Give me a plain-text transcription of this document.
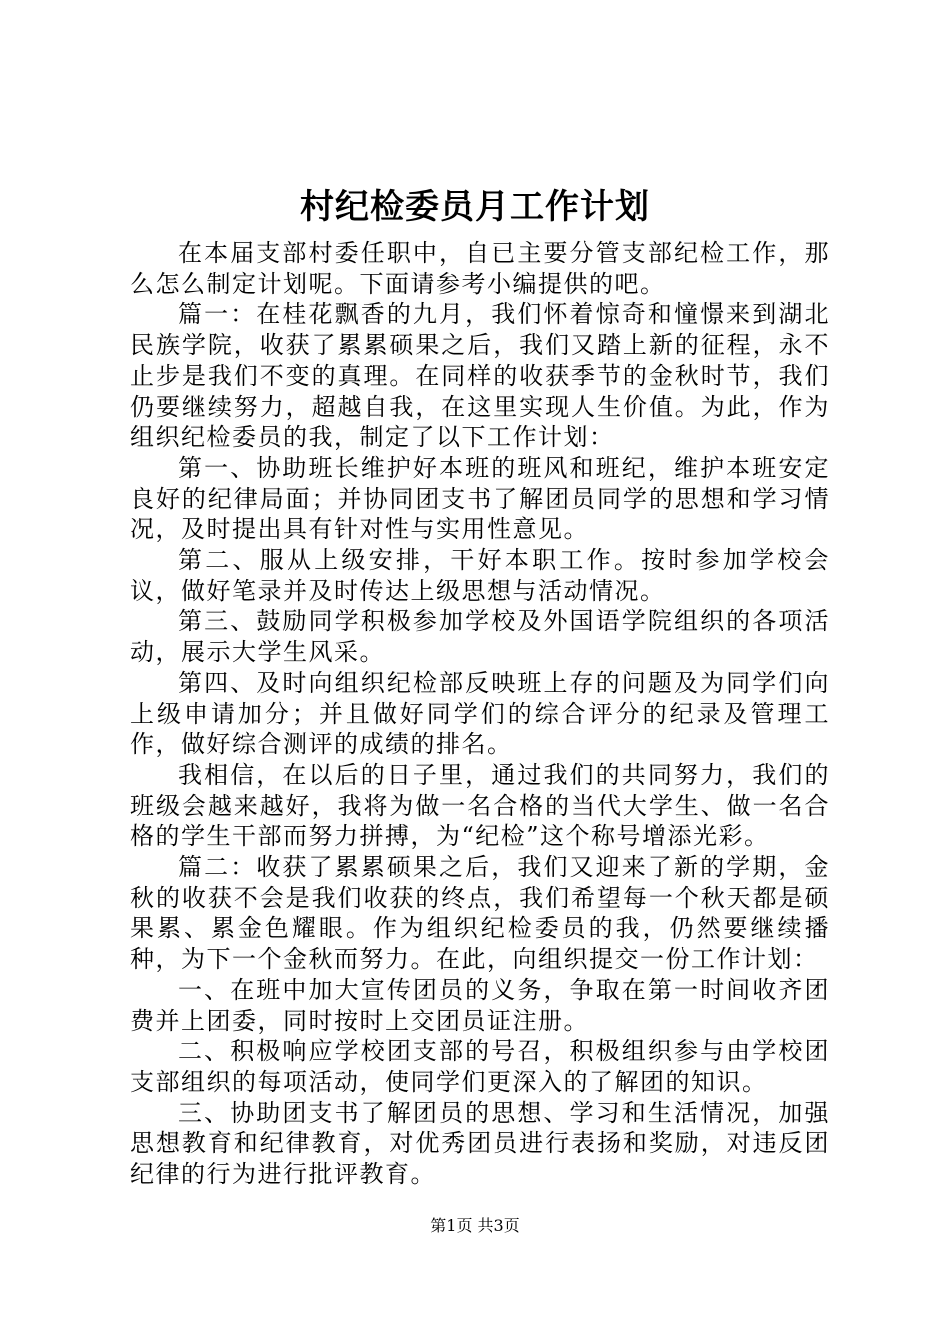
村纪检委员月工作计划

在本届支部村委任职中，自已主要分管支部纪检工作，那么怎么制定计划呢。下面请参考小编提供的吧。

篇一：在桂花飘香的九月，我们怀着惊奇和憧憬来到湖北民族学院，收获了累累硕果之后，我们又踏上新的征程，永不止步是我们不变的真理。在同样的收获季节的金秋时节，我们仍要继续努力，超越自我，在这里实现人生价值。为此，作为组织纪检委员的我，制定了以下工作计划：

第一、协助班长维护好本班的班风和班纪，维护本班安定良好的纪律局面；并协同团支书了解团员同学的思想和学习情况，及时提出具有针对性与实用性意见。

第二、服从上级安排，干好本职工作。按时参加学校会议，做好笔录并及时传达上级思想与活动情况。

第三、鼓励同学积极参加学校及外国语学院组织的各项活动，展示大学生风采。

第四、及时向组织纪检部反映班上存的问题及为同学们向上级申请加分；并且做好同学们的综合评分的纪录及管理工作，做好综合测评的成绩的排名。

我相信，在以后的日子里，通过我们的共同努力，我们的班级会越来越好，我将为做一名合格的当代大学生、做一名合格的学生干部而努力拼搏，为“纪检”这个称号增添光彩。

篇二：收获了累累硕果之后，我们又迎来了新的学期，金秋的收获不会是我们收获的终点，我们希望每一个秋天都是硕果累、累金色耀眼。作为组织纪检委员的我，仍然要继续播种，为下一个金秋而努力。在此，向组织提交一份工作计划：

一、在班中加大宣传团员的义务，争取在第一时间收齐团费并上团委，同时按时上交团员证注册。

二、积极响应学校团支部的号召，积极组织参与由学校团支部组织的每项活动，使同学们更深入的了解团的知识。

三、协助团支书了解团员的思想、学习和生活情况，加强思想教育和纪律教育，对优秀团员进行表扬和奖励，对违反团纪律的行为进行批评教育。

第1页 共3页
